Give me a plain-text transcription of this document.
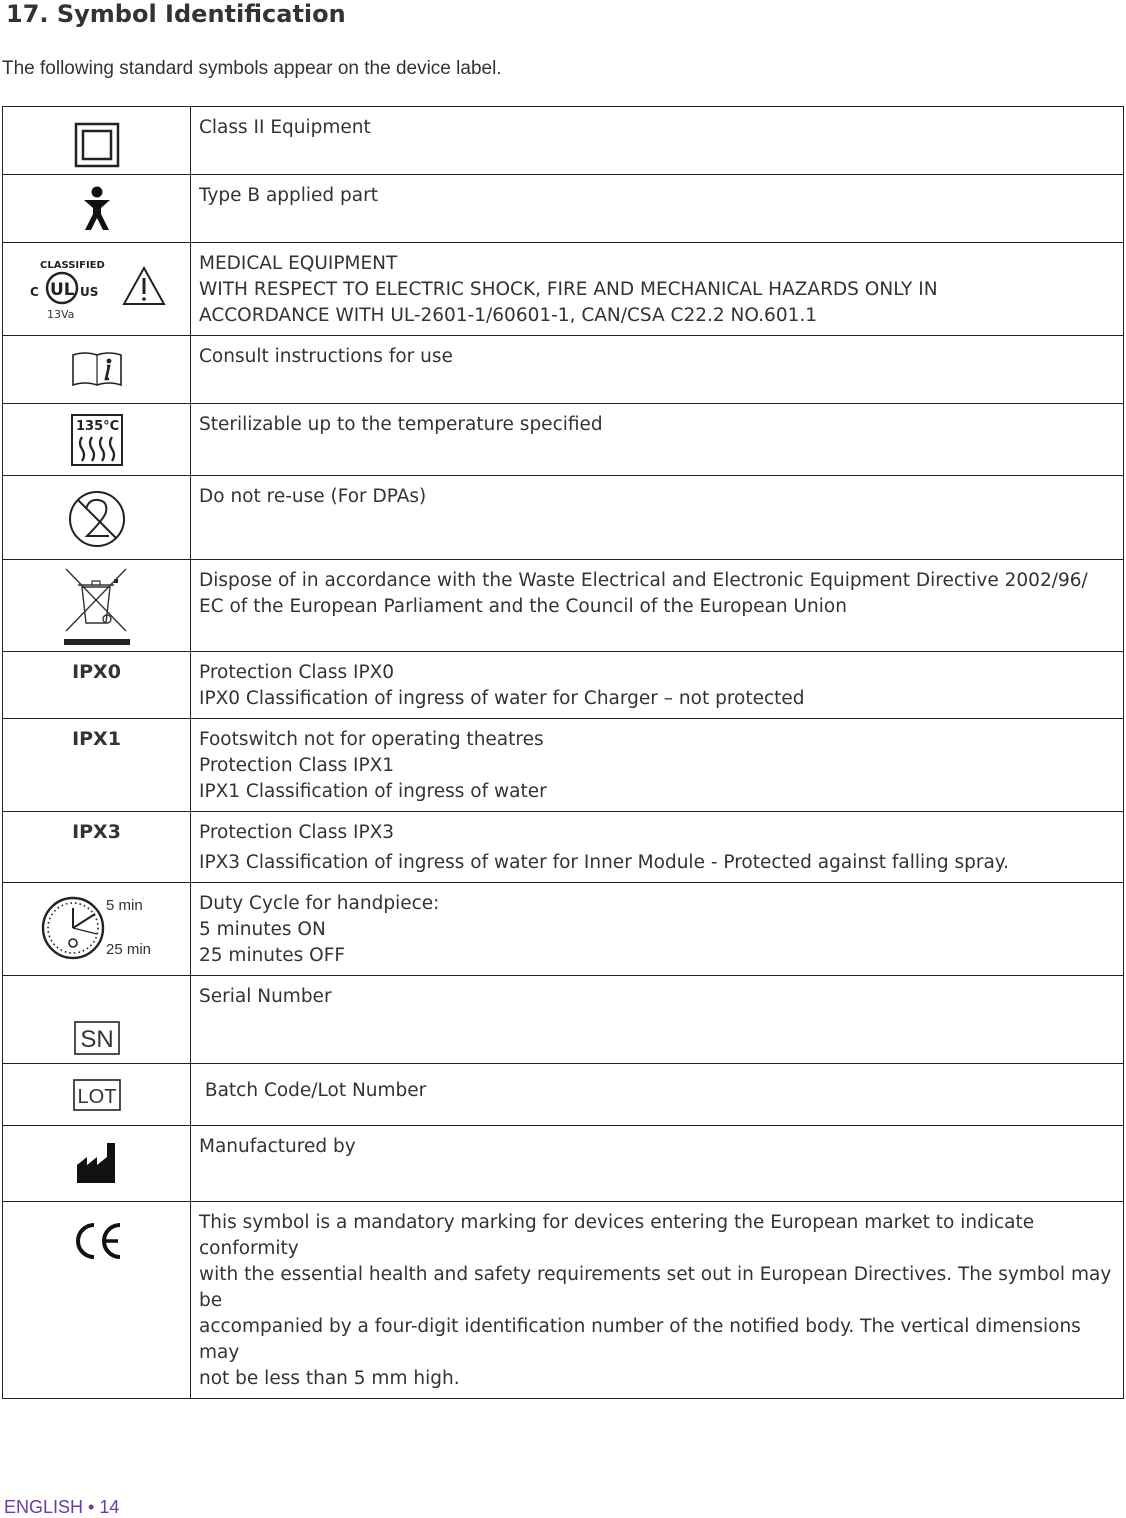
17. Symbol Identification
The following standard symbols appear on the device label.

Class II Equipment

Type B applied part

CLASSIFIED
UL
C US
13Va	MEDICAL EQUIPMENT
WITH RESPECT TO ELECTRIC SHOCK, FIRE AND MECHANICAL HAZARDS ONLY IN
ACCORDANCE WITH UL-2601-1/60601-1, CAN/CSA C22.2 NO.601.1

Consult instructions for use

135°C	Sterilizable up to the temperature specified

Do not re-use (For DPAs)

Dispose of in accordance with the Waste Electrical and Electronic Equipment Directive 2002/96/
EC of the European Parliament and the Council of the European Union

IPX0	Protection Class IPX0
IPX0 Classification of ingress of water for Charger – not protected

IPX1	Footswitch not for operating theatres
Protection Class IPX1
IPX1 Classification of ingress of water

IPX3	Protection Class IPX3
IPX3 Classification of ingress of water for Inner Module - Protected against falling spray.

5 min
25 min	Duty Cycle for handpiece:
5 minutes ON
25 minutes OFF

SN	Serial Number

LOT	Batch Code/Lot Number

Manufactured by

This symbol is a mandatory marking for devices entering the European market to indicate conformity
with the essential health and safety requirements set out in European Directives. The symbol may be
accompanied by a four-digit identification number of the notified body. The vertical dimensions may
not be less than 5 mm high.
ENGLISH • 14
